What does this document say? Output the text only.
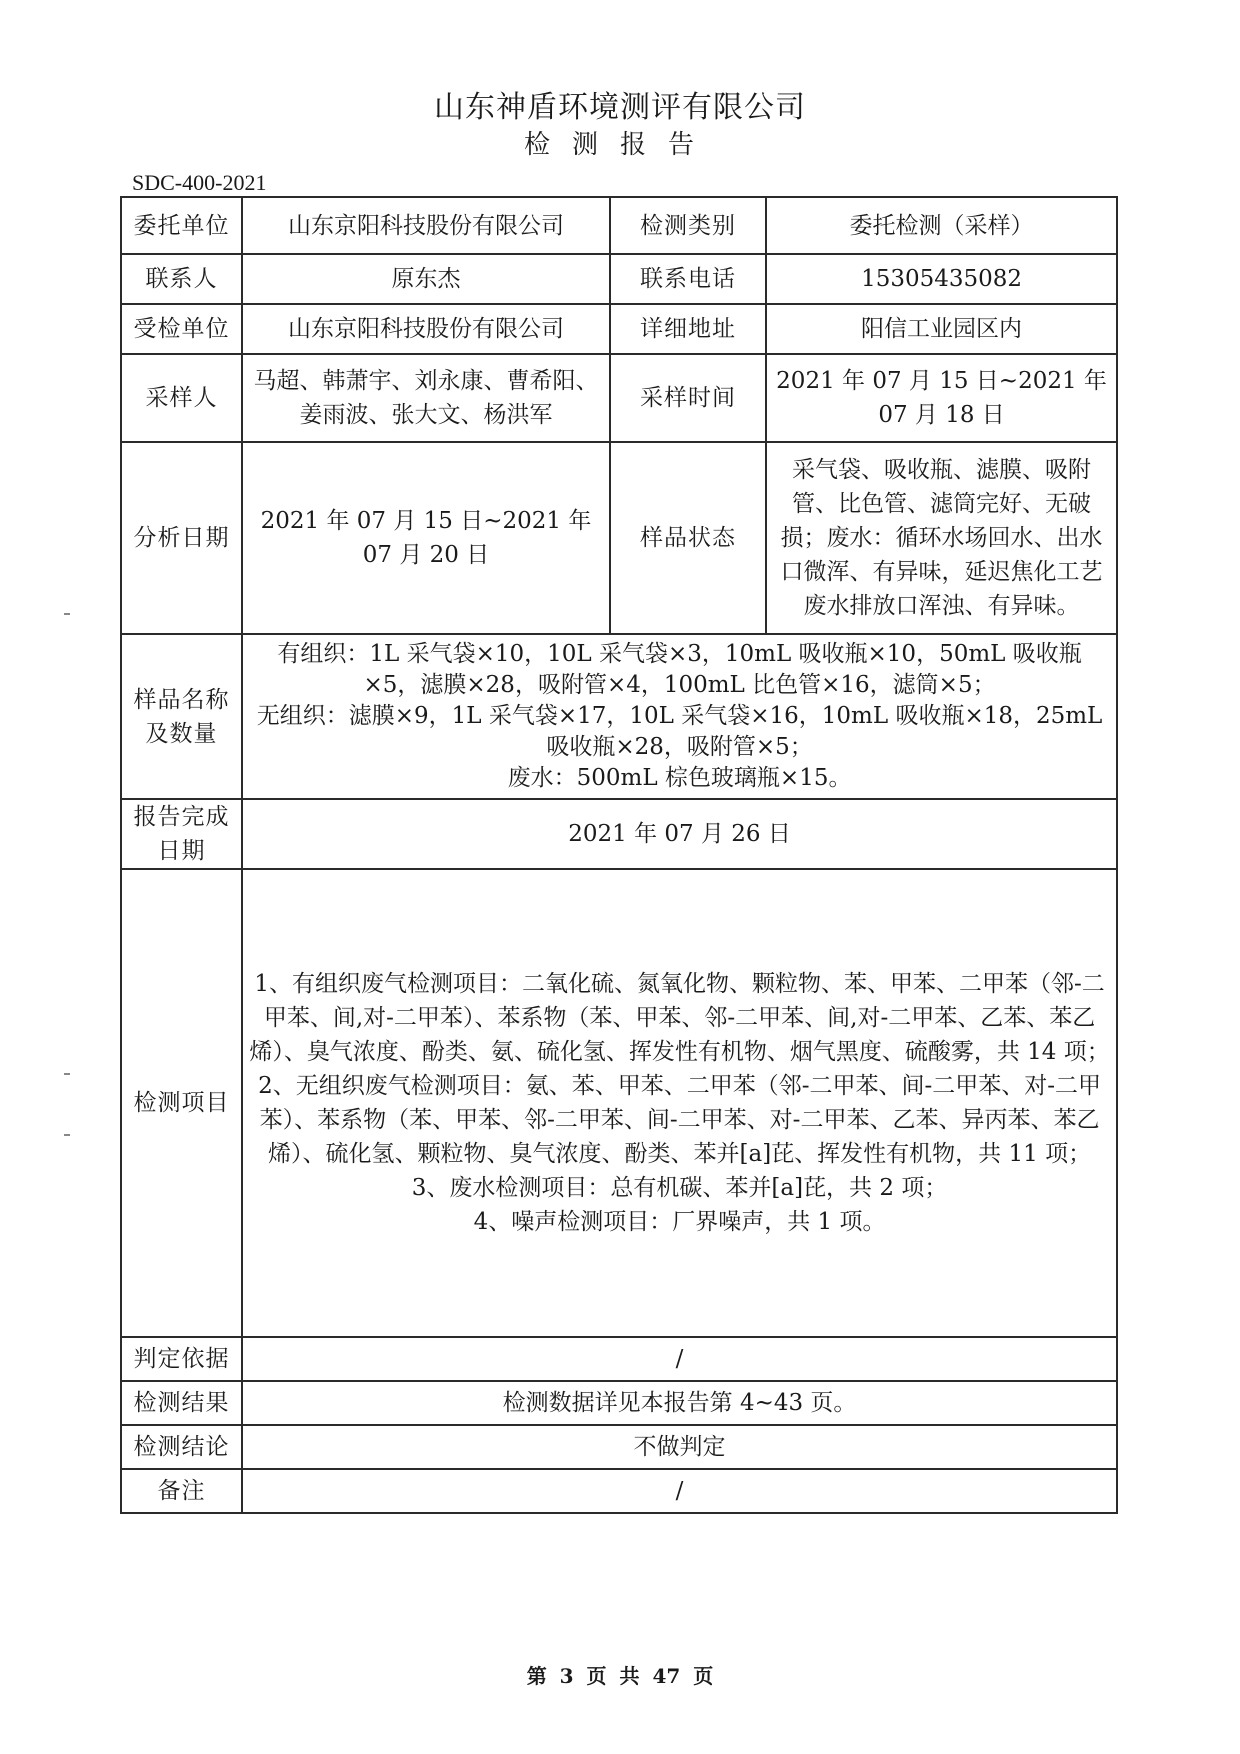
山东神盾环境测评有限公司
检测报告
SDC-400-2021
委托单位	山东京阳科技股份有限公司	检测类别	委托检测（采样）
联系人	原东杰	联系电话	15305435082
受检单位	山东京阳科技股份有限公司	详细地址	阳信工业园区内
采样人	马超、韩萧宇、刘永康、曹希阳、姜雨波、张大文、杨洪军	采样时间	2021 年 07 月 15 日~2021 年 07 月 18 日
分析日期	2021 年 07 月 15 日~2021 年 07 月 20 日	样品状态	采气袋、吸收瓶、滤膜、吸附管、比色管、滤筒完好、无破损；废水：循环水场回水、出水口微浑、有异味，延迟焦化工艺废水排放口浑浊、有异味。
样品名称及数量	有组织：1L 采气袋×10，10L 采气袋×3，10mL 吸收瓶×10，50mL 吸收瓶×5，滤膜×28，吸附管×4，100mL 比色管×16，滤筒×5；
无组织：滤膜×9，1L 采气袋×17，10L 采气袋×16，10mL 吸收瓶×18，25mL 吸收瓶×28，吸附管×5；
废水：500mL 棕色玻璃瓶×15。		

报告完成日期	2021 年 07 月 26 日		
检测项目	1、有组织废气检测项目：二氧化硫、氮氧化物、颗粒物、苯、甲苯、二甲苯（邻-二甲苯、间,对-二甲苯）、苯系物（苯、甲苯、邻-二甲苯、间,对-二甲苯、乙苯、苯乙烯）、臭气浓度、酚类、氨、硫化氢、挥发性有机物、烟气黑度、硫酸雾，共 14 项；

2、无组织废气检测项目：氨、苯、甲苯、二甲苯（邻-二甲苯、间-二甲苯、对-二甲苯）、苯系物（苯、甲苯、邻-二甲苯、间-二甲苯、对-二甲苯、乙苯、异丙苯、苯乙烯）、硫化氢、颗粒物、臭气浓度、酚类、苯并[a]芘、挥发性有机物，共 11 项；

3、废水检测项目：总有机碳、苯并[a]芘，共 2 项；

4、噪声检测项目：厂界噪声，共 1 项。		

判定依据	/		
检测结果	检测数据详见本报告第 4~43 页。		
检测结论	不做判定		
备注	/		
第 3 页 共 47 页
